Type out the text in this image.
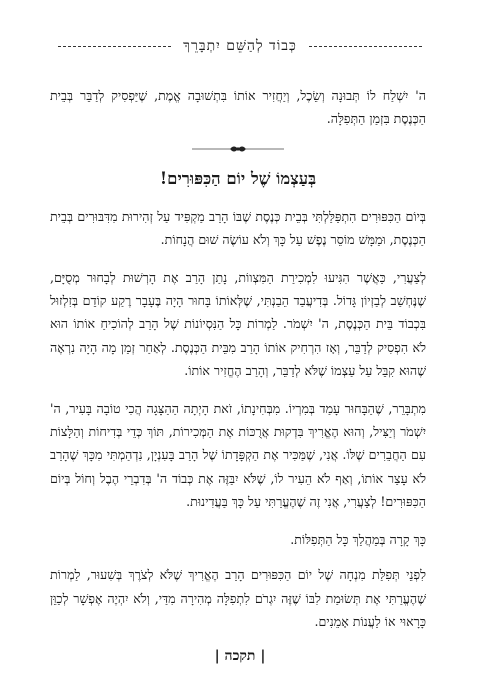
כְּבוֹד לְהַשֵּׁם יִתְבָּרֵךְ

ה' יִשְׁלַח לוֹ תְּבוּנָה וְשֵׂכֶל, וְיַחֲזִיר אוֹתוֹ בִּתְשׁוּבָה אֱמֶת, שֶׁיַּפְסִיק לְדַבֵּר בְּבֵית הַכְּנֶסֶת בִּזְמַן הַתְּפִלָּה.

בְּעַצְמוֹ שֶׁל יוֹם הַכִּפּוּרִים!

בְּיוֹם הַכִּפּוּרִים הִתְפַּלַּלְתִּי בְּבֵית כְּנֶסֶת שֶׁבּוֹ הָרַב מַקְפִּיד עַל זְהִירוּת מִדִּבּוּרִים בְּבֵית הַכְּנֶסֶת, וּמַמָּשׁ מוֹסֵר נֶפֶשׁ עַל כָּךְ וְלֹא עוֹשֶׂה שׁוּם הֲנָחוֹת.

לְצַעֲרִי, כַּאֲשֶׁר הִגִּיעוּ לִמְכִירַת הַמִּצְווֹת, נָתַן הָרַב אֶת הָרְשׁוּת לְבָחוּר מְסֻיָּם, שֶׁנֶּחְשַׁב לְבַזְיוֹן גָּדוֹל. בְּדִיעֲבַד הֵבַנְתִּי, שֶׁלְּאוֹתוֹ בָּחוּר הָיָה בֶּעָבָר רֶקַע קוֹדֵם בְּזִלְזוּל בִּכְבוֹד בֵּית הַכְּנֶסֶת, ה' יִשְׁמֹר. לַמְרוֹת כָּל הַנִּסְיוֹנוֹת שֶׁל הָרַב לְהוֹכִיחַ אוֹתוֹ הוּא לֹא הִפְסִיק לְדַבֵּר, וְאָז הִרְחִיק אוֹתוֹ הָרַב מִבֵּית הַכְּנֶסֶת. לְאַחַר זְמַן מָה הָיָה נִרְאֶה שֶׁהוּא קִבֵּל עַל עַצְמוֹ שֶׁלֹּא לְדַבֵּר, וְהָרַב הֶחֱזִיר אוֹתוֹ.

מִתְבָּרֵר, שֶׁהַבָּחוּר עָמַד בְּמִרְיוֹ. מִבְּחִינָתוֹ, זֹאת הָיְתָה הַהַצָּגָה הֲכִי טוֹבָה בָּעִיר, ה' יִשְׁמֹר וְיַצִּיל, וְהוּא הֶאֱרִיךְ בִּדְקוּת אֲרֻכּוֹת אֶת הַמְּכִירוֹת, תּוֹךְ כְּדֵי בְּדִיחוֹת וְהַלָּצוֹת עִם הַחֲבֵרִים שֶׁלּוֹ. אֲנִי, שֶׁמַּכִּיר אֶת הַקְפָּדָתוֹ שֶׁל הָרַב בָּעִנְיָן, נִדְהַמְתִּי מִכָּךְ שֶׁהָרַב לֹא עָצַר אוֹתוֹ, וְאַף לֹא הֵעִיר לוֹ, שֶׁלֹּא יִבַּזֶּה אֶת כְּבוֹד ה' בְּדִבְרֵי הֶבֶל וְחוֹל בְּיוֹם הַכִּפּוּרִים! לְצַעֲרִי, אֲנִי זֶה שֶׁהֶעֱרַתִּי עַל כָּךְ בַּעֲדִינוּת.

כָּךְ קָרָה בְּמַהֲלַךְ כָּל הַתְּפִלּוֹת.

לִפְנֵי תְּפִלַּת מִנְחָה שֶׁל יוֹם הַכִּפּוּרִים הָרַב הֶאֱרִיךְ שֶׁלֹּא לְצֹרֶךְ בְּשִׁעוּר, לַמְרוֹת שֶׁהֶעֱרַתִּי אֶת תְּשׂוּמַת לִבּוֹ שֶׁזֶּה יִגְרֹם לִתְפִלָּה מְהִירָה מִדַּי, וְלֹא יִהְיֶה אֶפְשָׁר לְכַוֵּן כָּרָאוּי אוֹ לַעֲנוֹת אָמֵנִים.

| תקכה |
